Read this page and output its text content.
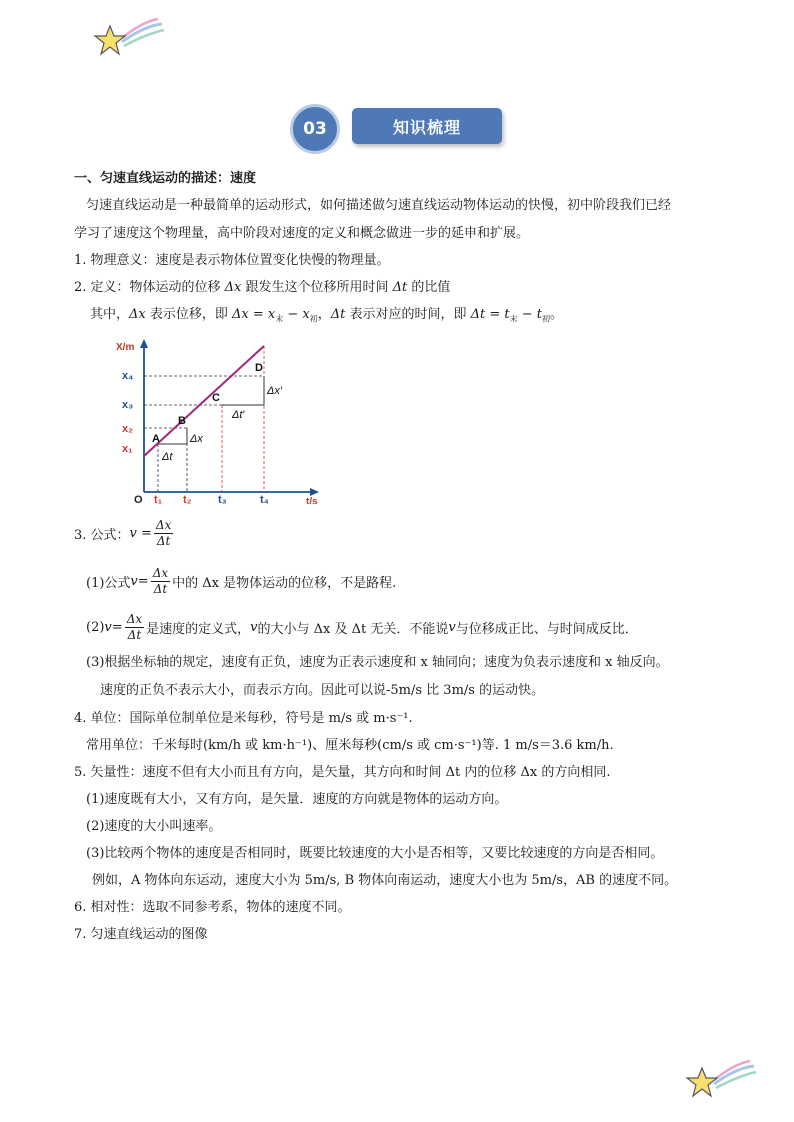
03	知识梳理
一、匀速直线运动的描述：速度
匀速直线运动是一种最简单的运动形式，如何描述做匀速直线运动物体运动的快慢，初中阶段我们已经
学习了速度这个物理量，高中阶段对速度的定义和概念做进一步的延申和扩展。
1. 物理意义：速度是表示物体位置变化快慢的物理量。
2. 定义：物体运动的位移 Δx 跟发生这个位移所用时间 Δt 的比值
其中，Δx 表示位移，即 $\Delta x = x_末 - x_初$，Δt 表示对应的时间，即 $\Delta t = t_末 - t_初$。
x₄
x₃
x₂
x₁
t₁ t₂ t₃	t₄
X/m
t/s
O
A
B
C
D
Δx
Δt
Δx′
Δt′
3. 公式： $v = \frac{\Delta x}{\Delta t}$
(1)公式 $v = \frac{\Delta x}{\Delta t}$ 中的 Δx 是物体运动的位移，不是路程.
(2) $v = \frac{\Delta x}{\Delta t}$ 是速度的定义式， v 的大小与 Δx 及 Δt 无关．不能说 v 与位移成正比、与时间成反比．
(3)根据坐标轴的规定，速度有正负，速度为正表示速度和 x 轴同向；速度为负表示速度和 x 轴反向。
速度的正负不表示大小，而表示方向。因此可以说-5m/s 比 3m/s 的运动快。
4. 单位：国际单位制单位是米每秒，符号是 m/s 或 m·s⁻¹.
常用单位：千米每时(km/h 或 km·h⁻¹)、厘米每秒(cm/s 或 cm·s⁻¹)等. 1 m/s＝3.6 km/h.
5. 矢量性：速度不但有大小而且有方向，是矢量，其方向和时间 Δt 内的位移 Δx 的方向相同.
(1)速度既有大小，又有方向，是矢量．速度的方向就是物体的运动方向。
(2)速度的大小叫速率。
(3)比较两个物体的速度是否相同时，既要比较速度的大小是否相等，又要比较速度的方向是否相同。
例如，A 物体向东运动，速度大小为 5m/s, B 物体向南运动，速度大小也为 5m/s，AB 的速度不同。
6. 相对性：选取不同参考系，物体的速度不同。
7. 匀速直线运动的图像
